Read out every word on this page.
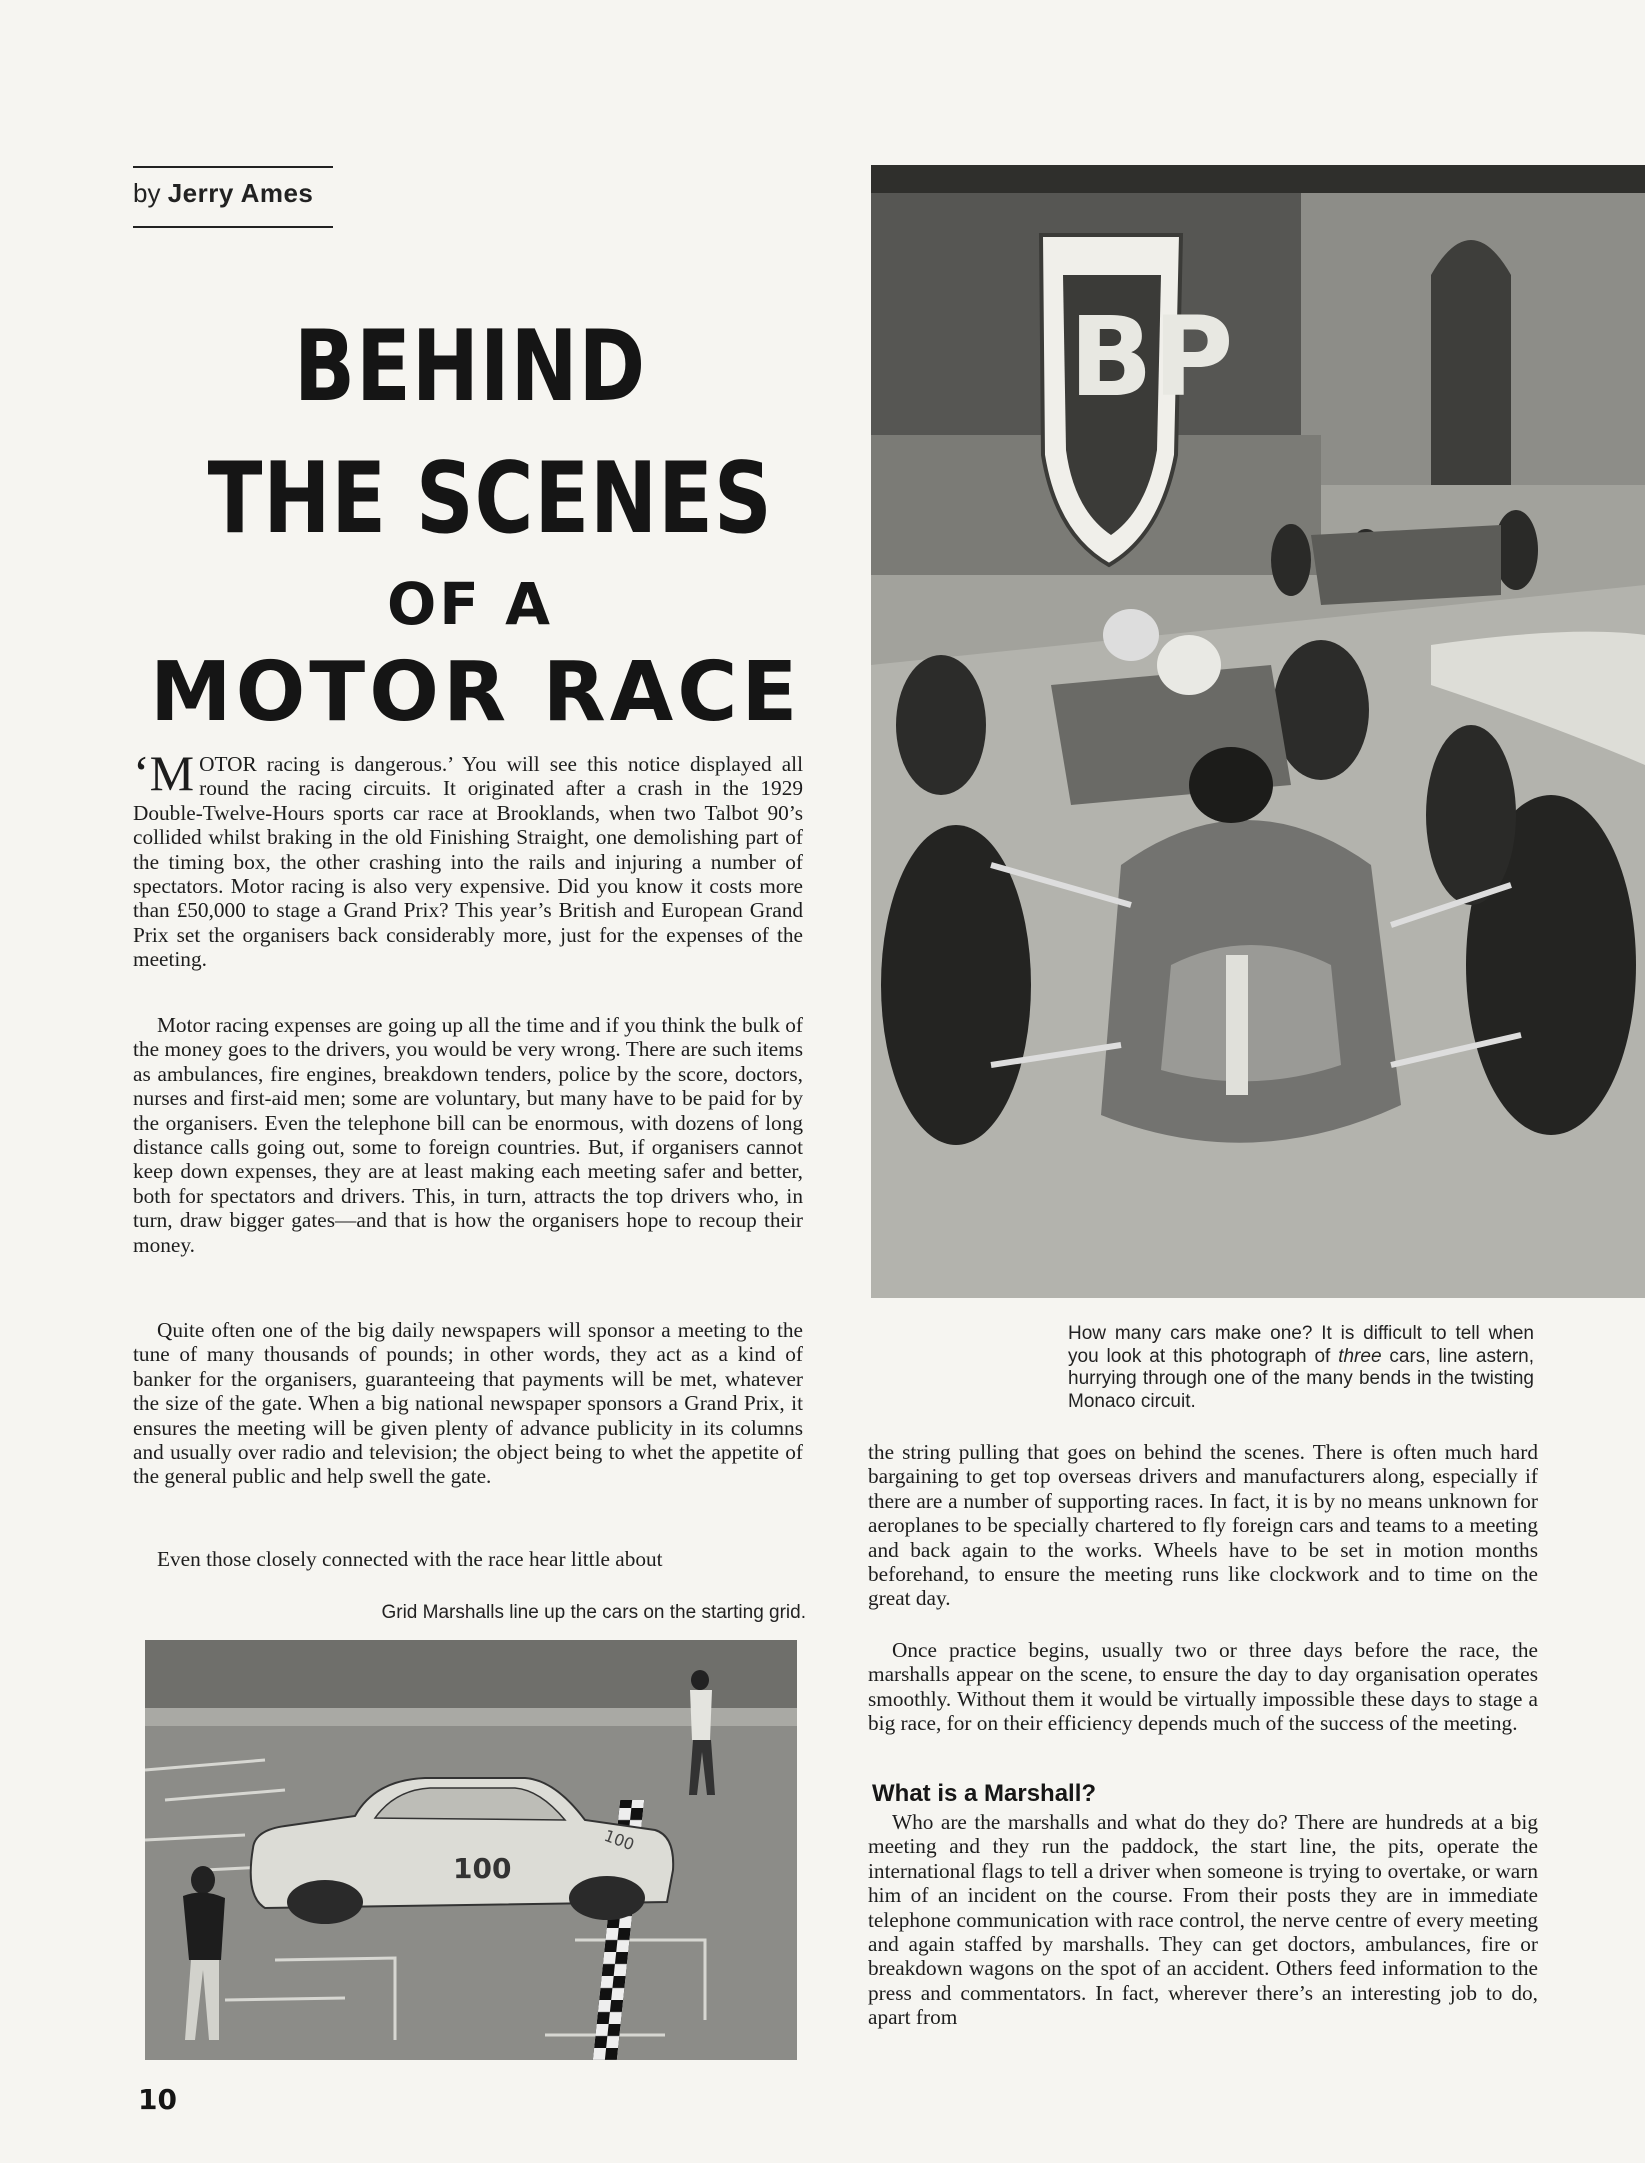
by Jerry Ames
BEHIND
THE SCENES
OF A
MOTOR RACE

‘MOTOR racing is dangerous.’ You will see this notice displayed all round the racing circuits. It originated after a crash in the 1929 Double-Twelve-Hours sports car race at Brooklands, when two Talbot 90’s collided whilst braking in the old Finishing Straight, one demolishing part of the timing box, the other crashing into the rails and injuring a number of spectators. Motor racing is also very expensive. Did you know it costs more than £50,000 to stage a Grand Prix? This year’s British and European Grand Prix set the organisers back considerably more, just for the expenses of the meeting.

Motor racing expenses are going up all the time and if you think the bulk of the money goes to the drivers, you would be very wrong. There are such items as ambulances, fire engines, breakdown tenders, police by the score, doctors, nurses and first-aid men; some are voluntary, but many have to be paid for by the organisers. Even the telephone bill can be enormous, with dozens of long distance calls going out, some to foreign countries. But, if organisers cannot keep down expenses, they are at least making each meeting safer and better, both for spectators and drivers. This, in turn, attracts the top drivers who, in turn, draw bigger gates—and that is how the organisers hope to recoup their money.

Quite often one of the big daily newspapers will sponsor a meeting to the tune of many thousands of pounds; in other words, they act as a kind of banker for the organisers, guaranteeing that payments will be met, whatever the size of the gate. When a big national newspaper sponsors a Grand Prix, it ensures the meeting will be given plenty of advance publicity in its columns and usually over radio and television; the object being to whet the appetite of the general public and help swell the gate.

Even those closely connected with the race hear little about

Grid Marshalls line up the cars on the starting grid.
100
100
BP
How many cars make one? It is difficult to tell when you look at this photograph of three cars, line astern, hurrying through one of the many bends in the twisting Monaco circuit.

the string pulling that goes on behind the scenes. There is often much hard bargaining to get top overseas drivers and manufacturers along, especially if there are a number of supporting races. In fact, it is by no means unknown for aeroplanes to be specially chartered to fly foreign cars and teams to a meeting and back again to the works. Wheels have to be set in motion months beforehand, to ensure the meeting runs like clockwork and to time on the great day.

Once practice begins, usually two or three days before the race, the marshalls appear on the scene, to ensure the day to day organisation operates smoothly. Without them it would be virtually impossible these days to stage a big race, for on their efficiency depends much of the success of the meeting.

What is a Marshall?

Who are the marshalls and what do they do? There are hundreds at a big meeting and they run the paddock, the start line, the pits, operate the international flags to tell a driver when someone is trying to overtake, or warn him of an incident on the course. From their posts they are in immediate telephone communication with race control, the nerve centre of every meeting and again staffed by marshalls. They can get doctors, ambulances, fire or breakdown wagons on the spot of an accident. Others feed information to the press and commentators. In fact, wherever there’s an interesting job to do, apart from

10
